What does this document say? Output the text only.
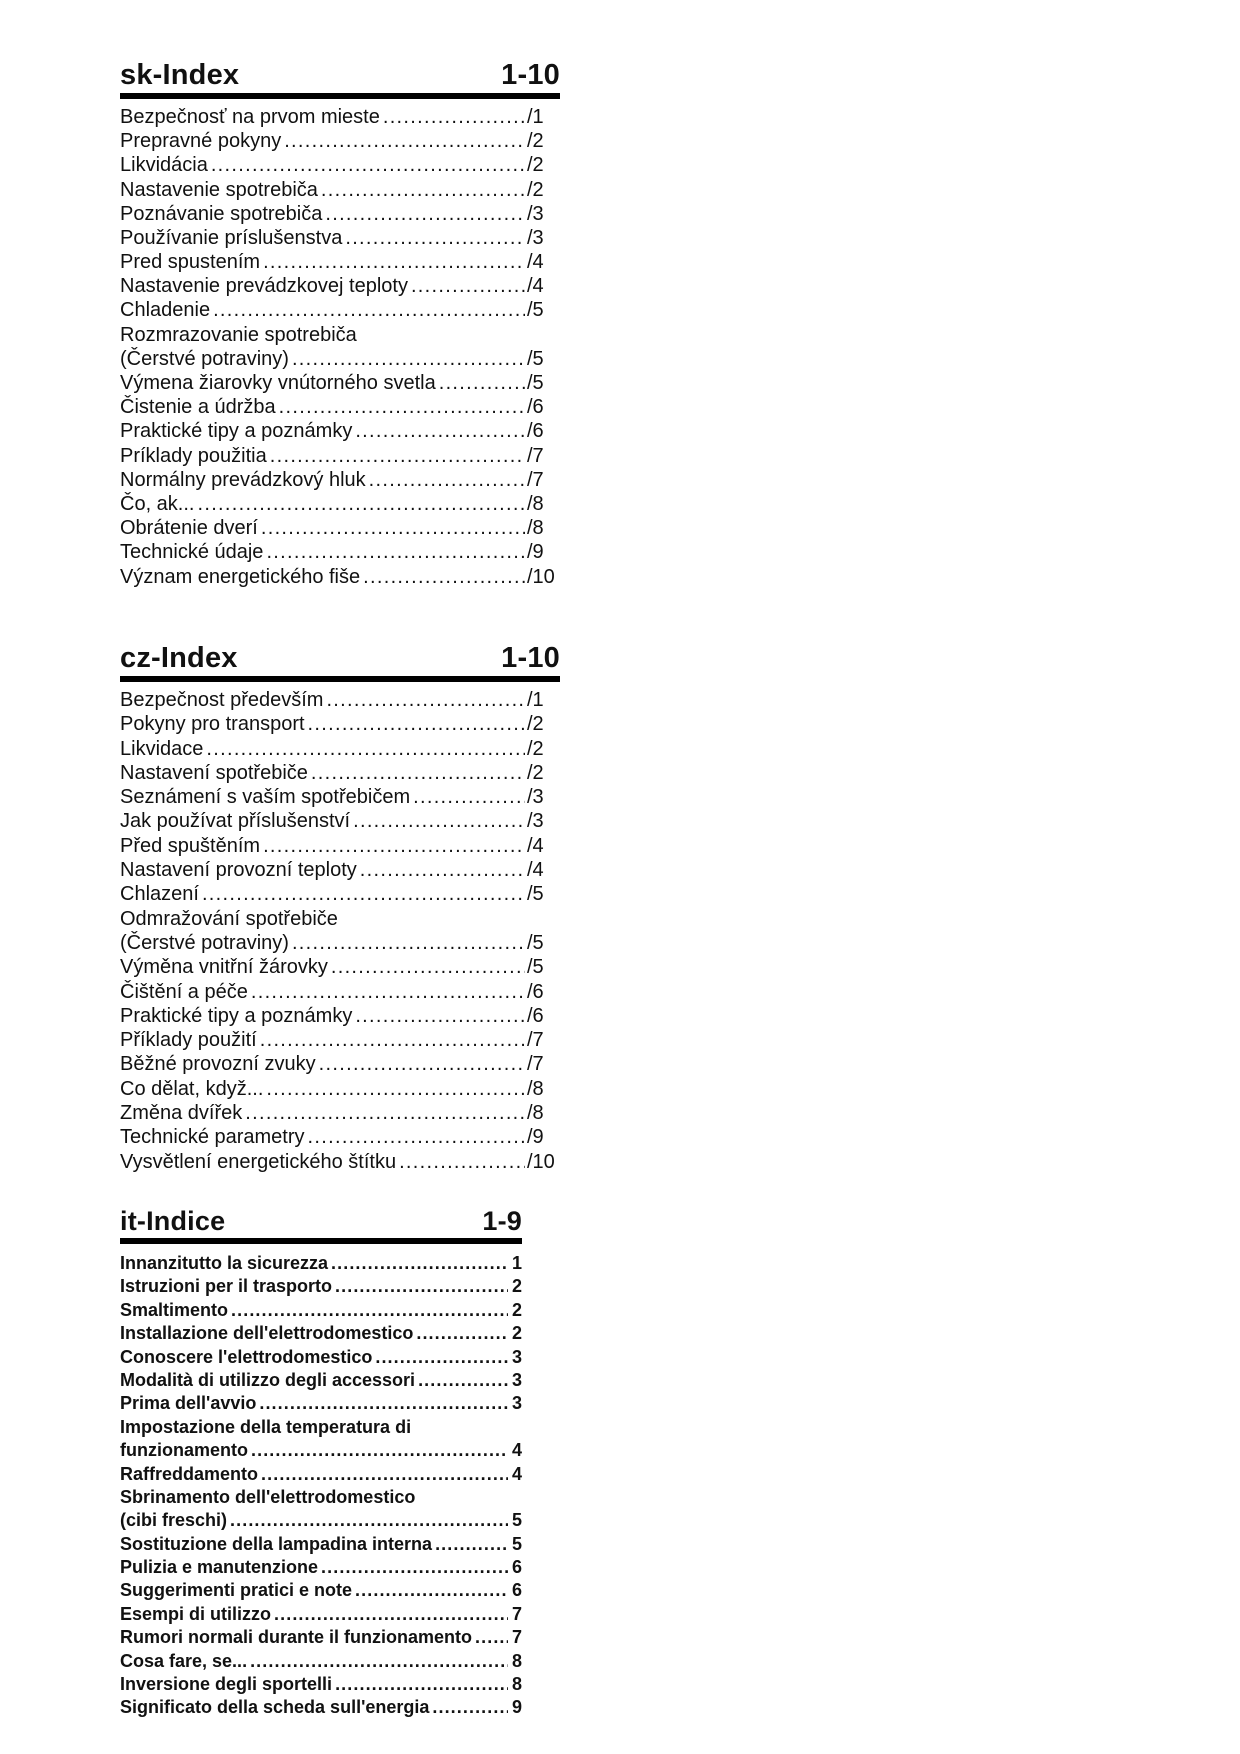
sk-Index	1-10
Bezpečnosť na prvom mieste .....	/1
Prepravné pokyny .....	/2
Likvidácia .....	/2
Nastavenie spotrebiča .....	/2
Poznávanie spotrebiča .....	/3
Používanie príslušenstva .....	/3
Pred spustením .....	/4
Nastavenie prevádzkovej teploty .....	/4
Chladenie .....	/5
Rozmrazovanie spotrebiča
(Čerstvé potraviny) .....	/5
Výmena žiarovky vnútorného svetla .....	/5
Čistenie a údržba .....	/6
Praktické tipy a poznámky .....	/6
Príklady použitia .....	/7
Normálny prevádzkový hluk .....	/7
Čo, ak... .....	/8
Obrátenie dverí .....	/8
Technické údaje .....	/9
Význam energetického fiše .....	/10
cz-Index	1-10
Bezpečnost především .....	/1
Pokyny pro transport .....	/2
Likvidace .....	/2
Nastavení spotřebiče .....	/2
Seznámení s vaším spotřebičem .....	/3
Jak používat příslušenství .....	/3
Před spuštěním .....	/4
Nastavení provozní teploty .....	/4
Chlazení .....	/5
Odmražování spotřebiče
(Čerstvé potraviny) .....	/5
Výměna vnitřní žárovky .....	/5
Čištění a péče .....	/6
Praktické tipy a poznámky .....	/6
Příklady použití .....	/7
Běžné provozní zvuky .....	/7
Co dělat, když... .....	/8
Změna dvířek .....	/8
Technické parametry .....	/9
Vysvětlení energetického štítku .....	/10
it-Indice	1-9
Innanzitutto la sicurezza .....	1
Istruzioni per il trasporto .....	2
Smaltimento .....	2
Installazione dell'elettrodomestico .....	2
Conoscere l'elettrodomestico .....	3
Modalità di utilizzo degli accessori .....	3
Prima dell'avvio .....	3
Impostazione della temperatura di
funzionamento .....	4
Raffreddamento .....	4
Sbrinamento dell'elettrodomestico
(cibi freschi) .....	5
Sostituzione della lampadina interna .....	5
Pulizia e manutenzione .....	6
Suggerimenti pratici e note .....	6
Esempi di utilizzo .....	7
Rumori normali durante il funzionamento ..... 7
Cosa fare, se... .....	8
Inversione degli sportelli .....	8
Significato della scheda sull'energia .....	9
